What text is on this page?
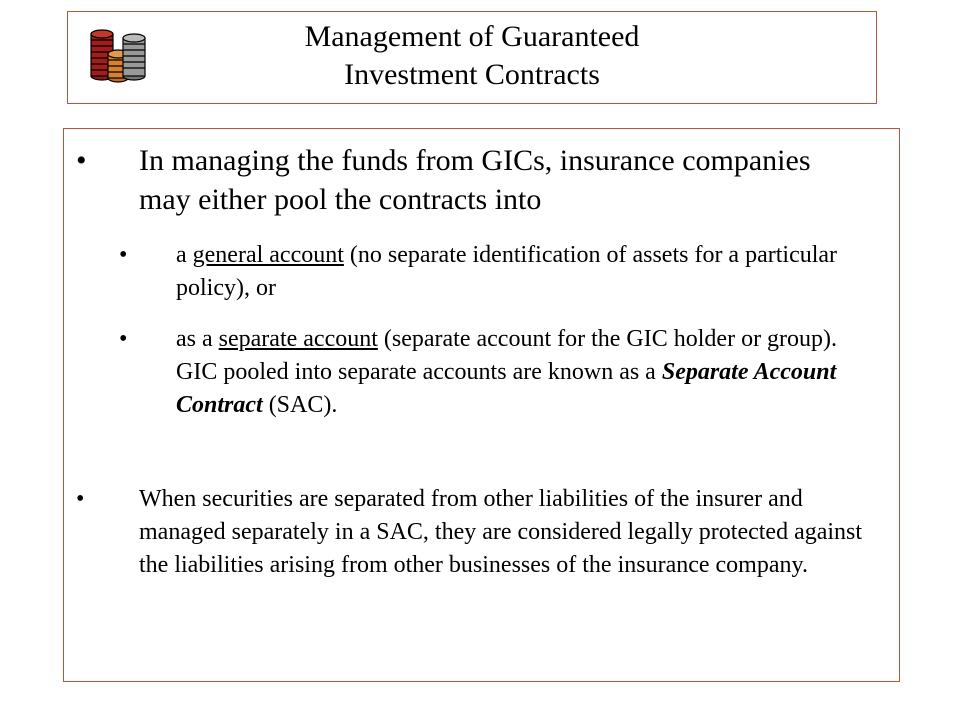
Management of Guaranteed
Investment Contracts
• In managing the funds from GICs, insurance companies may either pool the contracts into
• a general account (no separate identification of assets for a particular policy), or
• as a separate account (separate account for the GIC holder or group). GIC pooled into separate accounts are known as a Separate Account Contract (SAC).
• When securities are separated from other liabilities of the insurer and managed separately in a SAC, they are considered legally protected against the liabilities arising from other businesses of the insurance company.
